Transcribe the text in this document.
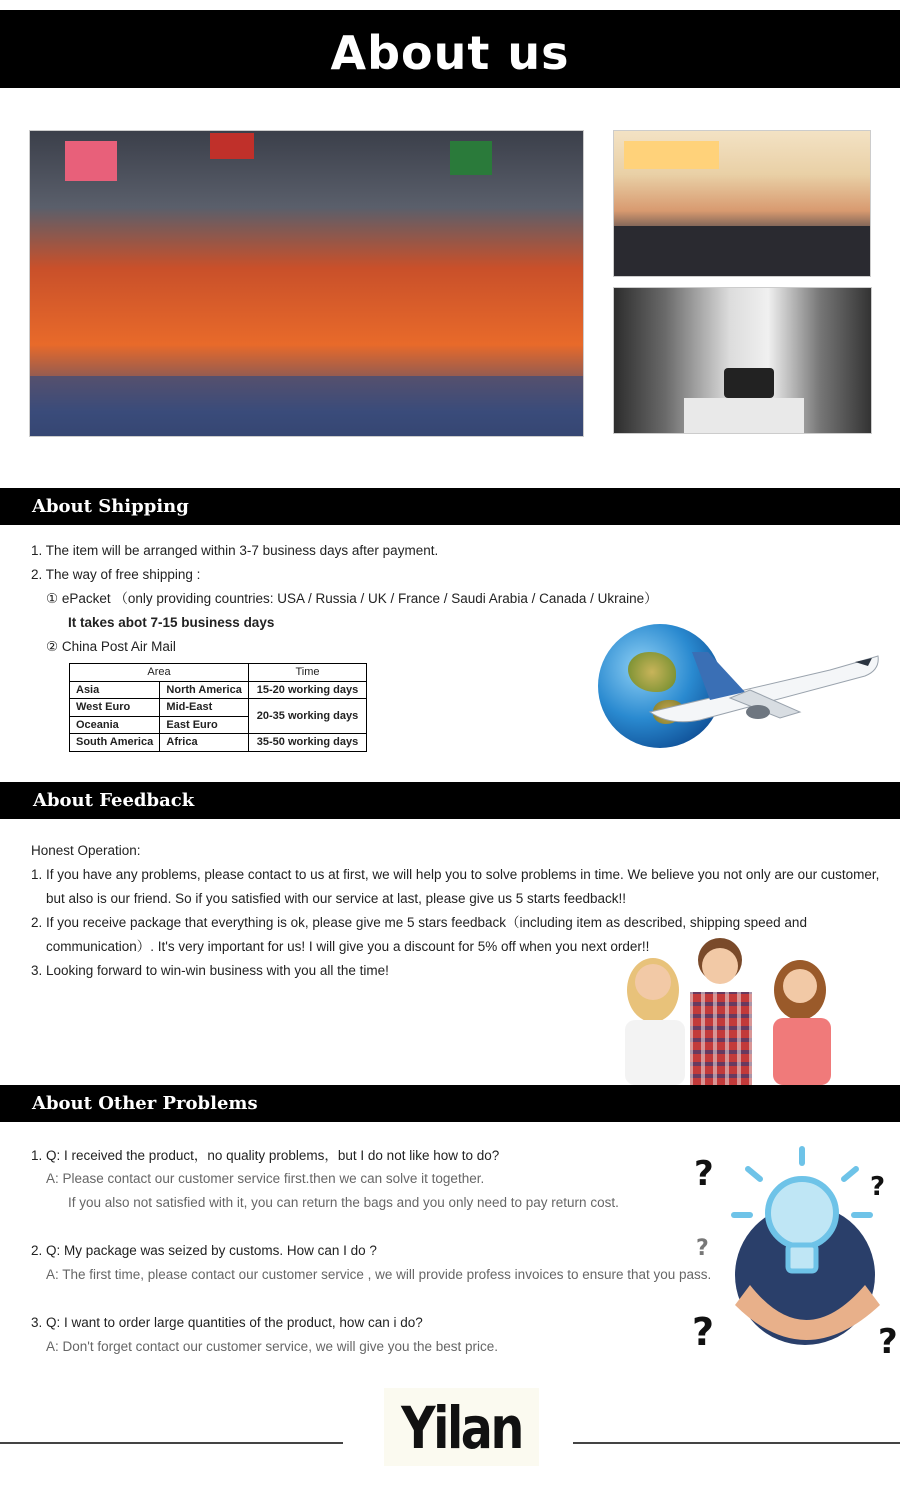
About us
About Shipping
1. The item will be arranged within 3-7 business days after payment.
2. The way of free shipping :
① ePacket （only providing countries: USA / Russia / UK / France / Saudi Arabia / Canada / Ukraine）
It takes abot 7-15 business days
② China Post Air Mail
Area		Time
Asia	North America	15-20 working days
West Euro	Mid-East	20-35 working days
Oceania	East Euro	
South America	Africa	35-50 working days
About Feedback
Honest Operation:
1. If you have any problems, please contact to us at first, we will help you to solve problems in time. We believe you not only are our customer,
but also is our friend. So if you satisfied with our service at last, please give us 5 starts feedback!!
2. If you receive package that everything is ok, please give me 5 stars feedback（including item as described, shipping speed and
communication）. It's very important for us! I will give you a discount for 5% off when you next order!!
3. Looking forward to win-win business with you all the time!
About Other Problems
1. Q: I received the product，no quality problems，but I do not like how to do?
A: Please contact our customer service first.then we can solve it together.
If you also not satisfied with it, you can return the bags and you only need to pay return cost.
2. Q: My package was seized by customs. How can I do ?
A: The first time, please contact our customer service , we will provide profess invoices to ensure that you pass.
3. Q: I want to order large quantities of the product, how can i do?
A: Don't forget contact our customer service, we will give you the best price.
?	?
?	?
?
Yilan
